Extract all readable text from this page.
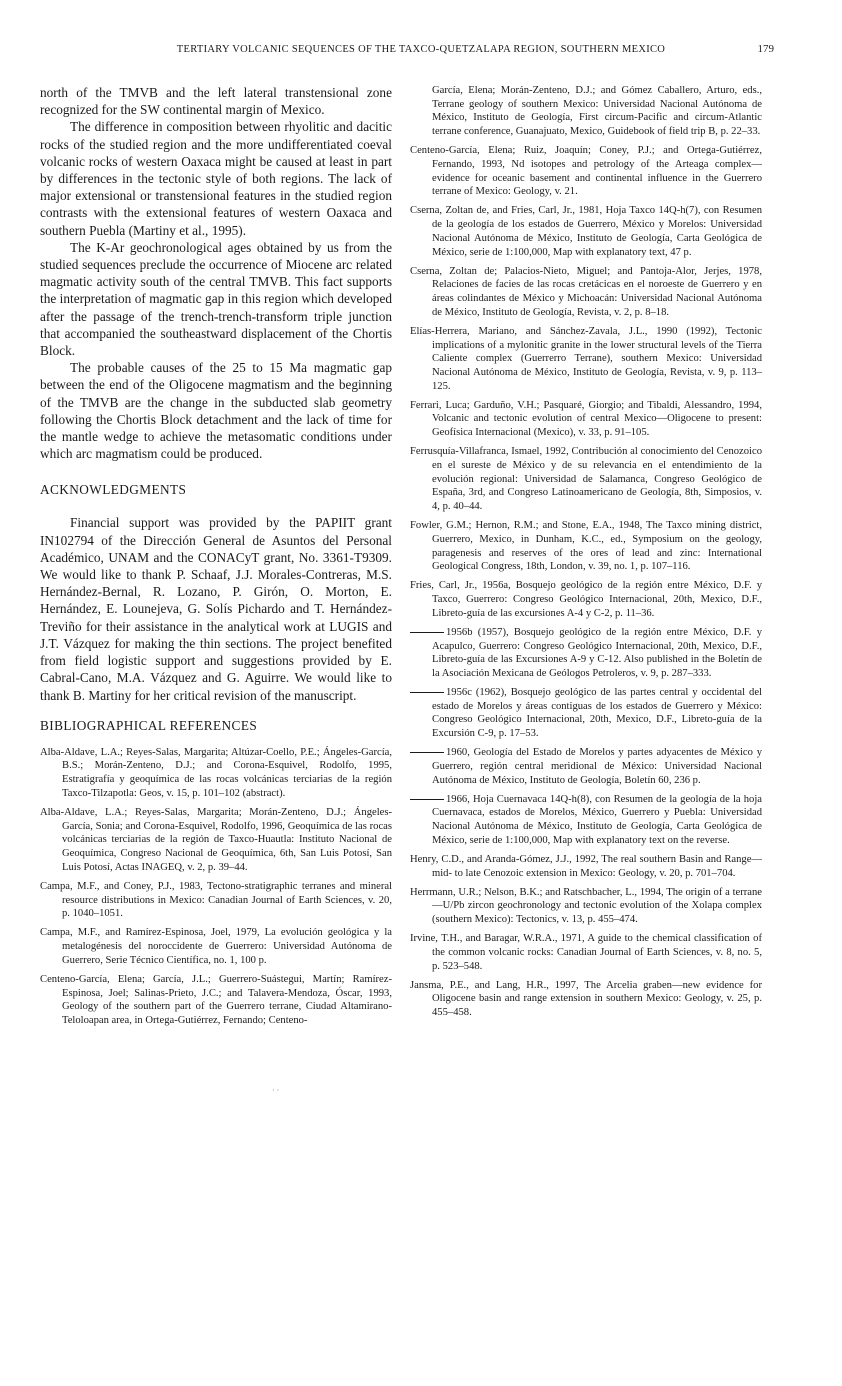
TERTIARY VOLCANIC SEQUENCES OF THE TAXCO-QUETZALAPA REGION, SOUTHERN MEXICO	179

north of the TMVB and the left lateral transtensional zone recognized for the SW continental margin of Mexico.

The difference in composition between rhyolitic and dacitic rocks of the studied region and the more undifferentiated coeval volcanic rocks of western Oaxaca might be caused at least in part by differences in the tectonic style of both regions. The lack of major extensional or transtensional features in the studied region contrasts with the extensional features of western Oaxaca and southern Puebla (Martiny et al., 1995).

The K-Ar geochronological ages obtained by us from the studied sequences preclude the occurrence of Miocene arc related magmatic activity south of the central TMVB. This fact supports the interpretation of magmatic gap in this region which developed after the passage of the trench-trench-transform triple junction that accompanied the southeastward displacement of the Chortis Block.

The probable causes of the 25 to 15 Ma magmatic gap between the end of the Oligocene magmatism and the beginning of the TMVB are the change in the subducted slab geometry following the Chortis Block detachment and the lack of time for the mantle wedge to achieve the metasomatic conditions under which arc magmatism could be produced.

ACKNOWLEDGMENTS

Financial support was provided by the PAPIIT grant IN102794 of the Dirección General de Asuntos del Personal Académico, UNAM and the CONACyT grant, No. 3361-T9309. We would like to thank P. Schaaf, J.J. Morales-Contreras, M.S. Hernández-Bernal, R. Lozano, P. Girón, O. Morton, E. Hernández, E. Lounejeva, G. Solís Pichardo and T. Hernández-Treviño for their assistance in the analytical work at LUGIS and J.T. Vázquez for making the thin sections. The project benefited from field logistic support and suggestions provided by E. Cabral-Cano, M.A. Vázquez and G. Aguirre. We would like to thank B. Martiny for her critical revision of the manuscript.

BIBLIOGRAPHICAL REFERENCES

Alba-Aldave, L.A.; Reyes-Salas, Margarita; Altúzar-Coello, P.E.; Ángeles-García, B.S.; Morán-Zenteno, D.J.; and Corona-Esquivel, Rodolfo, 1995, Estratigrafía y geoquímica de las rocas volcánicas terciarias de la región Taxco-Tilzapotla: Geos, v. 15, p. 101–102 (abstract).

Alba-Aldave, L.A.; Reyes-Salas, Margarita; Morán-Zenteno, D.J.; Ángeles-García, Sonia; and Corona-Esquivel, Rodolfo, 1996, Geoquímica de las rocas volcánicas terciarias de la región de Taxco-Huautla: Instituto Nacional de Geoquímica, Congreso Nacional de Geoquímica, 6th, San Luis Potosí, San Luis Potosí, Actas INAGEQ, v. 2, p. 39–44.

Campa, M.F., and Coney, P.J., 1983, Tectono-stratigraphic terranes and mineral resource distributions in Mexico: Canadian Journal of Earth Sciences, v. 20, p. 1040–1051.

Campa, M.F., and Ramírez-Espinosa, Joel, 1979, La evolución geológica y la metalogénesis del noroccidente de Guerrero: Universidad Autónoma de Guerrero, Serie Técnico Científica, no. 1, 100 p.

Centeno-García, Elena; García, J.L.; Guerrero-Suástegui, Martín; Ramírez-Espinosa, Joel; Salinas-Prieto, J.C.; and Talavera-Mendoza, Óscar, 1993, Geology of the southern part of the Guerrero terrane, Ciudad Altamirano-Teloloapan area, in Ortega-Gutiérrez, Fernando; Centeno-

García, Elena; Morán-Zenteno, D.J.; and Gómez Caballero, Arturo, eds., Terrane geology of southern Mexico: Universidad Nacional Autónoma de México, Instituto de Geología, First circum-Pacific and circum-Atlantic terrane conference, Guanajuato, Mexico, Guidebook of field trip B, p. 22–33.

Centeno-García, Elena; Ruiz, Joaquín; Coney, P.J.; and Ortega-Gutiérrez, Fernando, 1993, Nd isotopes and petrology of the Arteaga complex—evidence for oceanic basement and continental influence in the Guerrero terrane of Mexico: Geology, v. 21.

Cserna, Zoltan de, and Fries, Carl, Jr., 1981, Hoja Taxco 14Q-h(7), con Resumen de la geología de los estados de Guerrero, México y Morelos: Universidad Nacional Autónoma de México, Instituto de Geología, Carta Geológica de México, serie de 1:100,000, Map with explanatory text, 47 p.

Cserna, Zoltan de; Palacios-Nieto, Miguel; and Pantoja-Alor, Jerjes, 1978, Relaciones de facies de las rocas cretácicas en el noroeste de Guerrero y en áreas colindantes de México y Michoacán: Universidad Nacional Autónoma de México, Instituto de Geología, Revista, v. 2, p. 8–18.

Elías-Herrera, Mariano, and Sánchez-Zavala, J.L., 1990 (1992), Tectonic implications of a mylonitic granite in the lower structural levels of the Tierra Caliente complex (Guerrerro Terrane), southern Mexico: Universidad Nacional Autónoma de México, Instituto de Geología, Revista, v. 9, p. 113–125.

Ferrari, Luca; Garduño, V.H.; Pasquaré, Giorgio; and Tibaldi, Alessandro, 1994, Volcanic and tectonic evolution of central Mexico—Oligocene to present: Geofísica Internacional (Mexico), v. 33, p. 91–105.

Ferrusquía-Villafranca, Ismael, 1992, Contribución al conocimiento del Cenozoico en el sureste de México y de su relevancia en el entendimiento de la evolución regional: Universidad de Salamanca, Congreso Geológico de España, 3rd, and Congreso Latinoamericano de Geología, 8th, Simposios, v. 4, p. 40–44.

Fowler, G.M.; Hernon, R.M.; and Stone, E.A., 1948, The Taxco mining district, Guerrero, Mexico, in Dunham, K.C., ed., Symposium on the geology, paragenesis and reserves of the ores of lead and zinc: International Geological Congress, 18th, London, v. 39, no. 1, p. 107–116.

Fries, Carl, Jr., 1956a, Bosquejo geológico de la región entre México, D.F. y Taxco, Guerrero: Congreso Geológico Internacional, 20th, Mexico, D.F., Libreto-guía de las excursiones A-4 y C-2, p. 11–36.

1956b (1957), Bosquejo geológico de la región entre México, D.F. y Acapulco, Guerrero: Congreso Geológico Internacional, 20th, Mexico, D.F., Libreto-guía de las Excursiones A-9 y C-12. Also published in the Boletín de la Asociación Mexicana de Geólogos Petroleros, v. 9, p. 287–333.

1956c (1962), Bosquejo geológico de las partes central y occidental del estado de Morelos y áreas contiguas de los estados de Guerrero y México: Congreso Geológico Internacional, 20th, Mexico, D.F., Libreto-guía de la Excursión C-9, p. 17–53.

1960, Geología del Estado de Morelos y partes adyacentes de México y Guerrero, región central meridional de México: Universidad Nacional Autónoma de México, Instituto de Geología, Boletín 60, 236 p.

1966, Hoja Cuernavaca 14Q-h(8), con Resumen de la geología de la hoja Cuernavaca, estados de Morelos, México, Guerrero y Puebla: Universidad Nacional Autónoma de México, Instituto de Geología, Carta Geológica de México, serie de 1:100,000, Map with explanatory text on the reverse.

Henry, C.D., and Aranda-Gómez, J.J., 1992, The real southern Basin and Range—mid- to late Cenozoic extension in Mexico: Geology, v. 20, p. 701–704.

Herrmann, U.R.; Nelson, B.K.; and Ratschbacher, L., 1994, The origin of a terrane—U/Pb zircon geochronology and tectonic evolution of the Xolapa complex (southern Mexico): Tectonics, v. 13, p. 455–474.

Irvine, T.H., and Baragar, W.R.A., 1971, A guide to the chemical classification of the common volcanic rocks: Canadian Journal of Earth Sciences, v. 8, no. 5, p. 523–548.

Jansma, P.E., and Lang, H.R., 1997, The Arcelia graben—new evidence for Oligocene basin and range extension in southern Mexico: Geology, v. 25, p. 455–458.

· ·
